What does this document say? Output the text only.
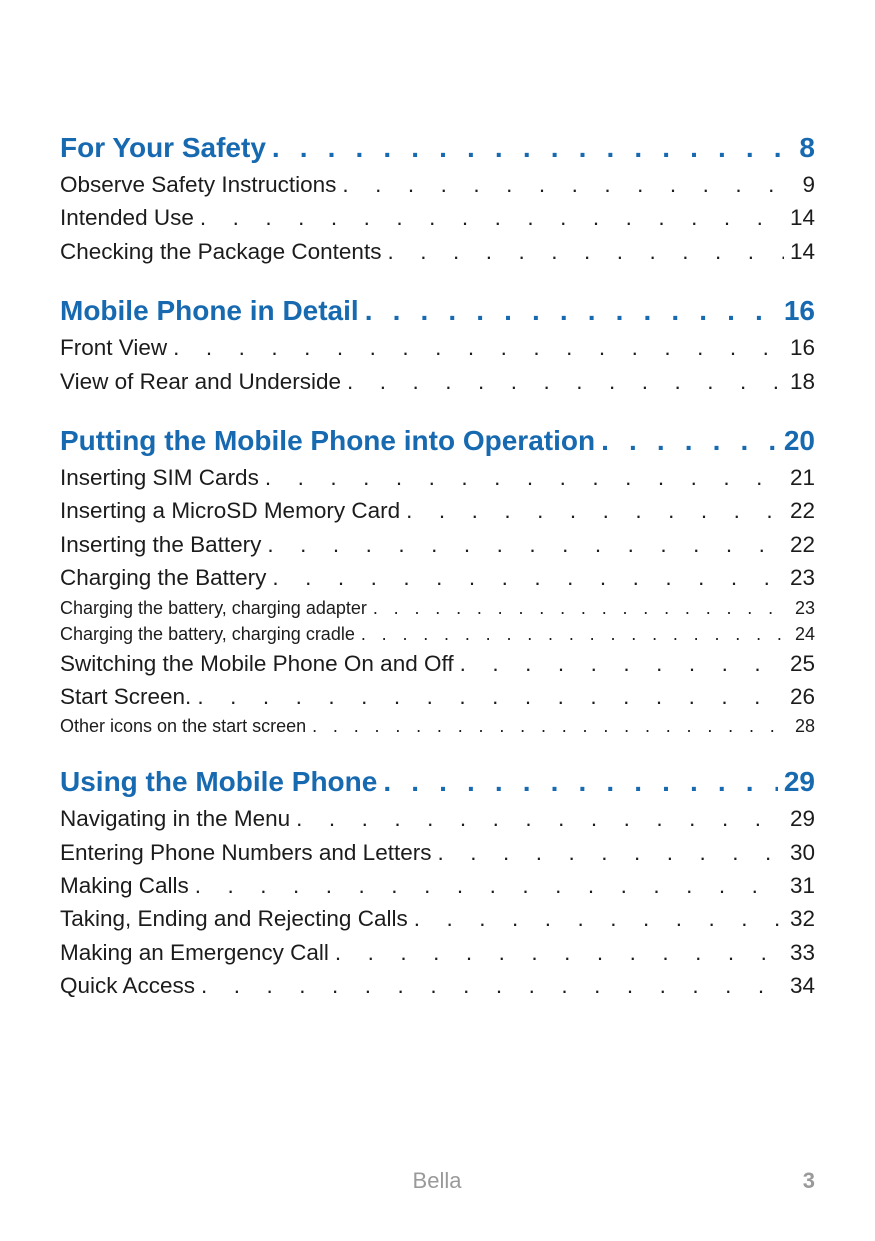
For Your Safety . . .	8
Observe Safety Instructions . . .	9
Intended Use . . .	14
Checking the Package Contents . . .	14
Mobile Phone in Detail . . .	16
Front View . . .	16
View of Rear and Underside . . .	18
Putting the Mobile Phone into Operation . . .	20
Inserting SIM Cards . . .	21
Inserting a MicroSD Memory Card . . .	22
Inserting the Battery . . .	22
Charging the Battery . . .	23
Charging the battery, charging adapter . . .	23
Charging the battery, charging cradle . . .	24
Switching the Mobile Phone On and Off . . .	25
Start Screen. . . .	26
Other icons on the start screen . . .	28
Using the Mobile Phone . . .	29
Navigating in the Menu . . .	29
Entering Phone Numbers and Letters . . .	30
Making Calls . . .	31
Taking, Ending and Rejecting Calls . . .	32
Making an Emergency Call . . .	33
Quick Access . . .	34
Bella	3
